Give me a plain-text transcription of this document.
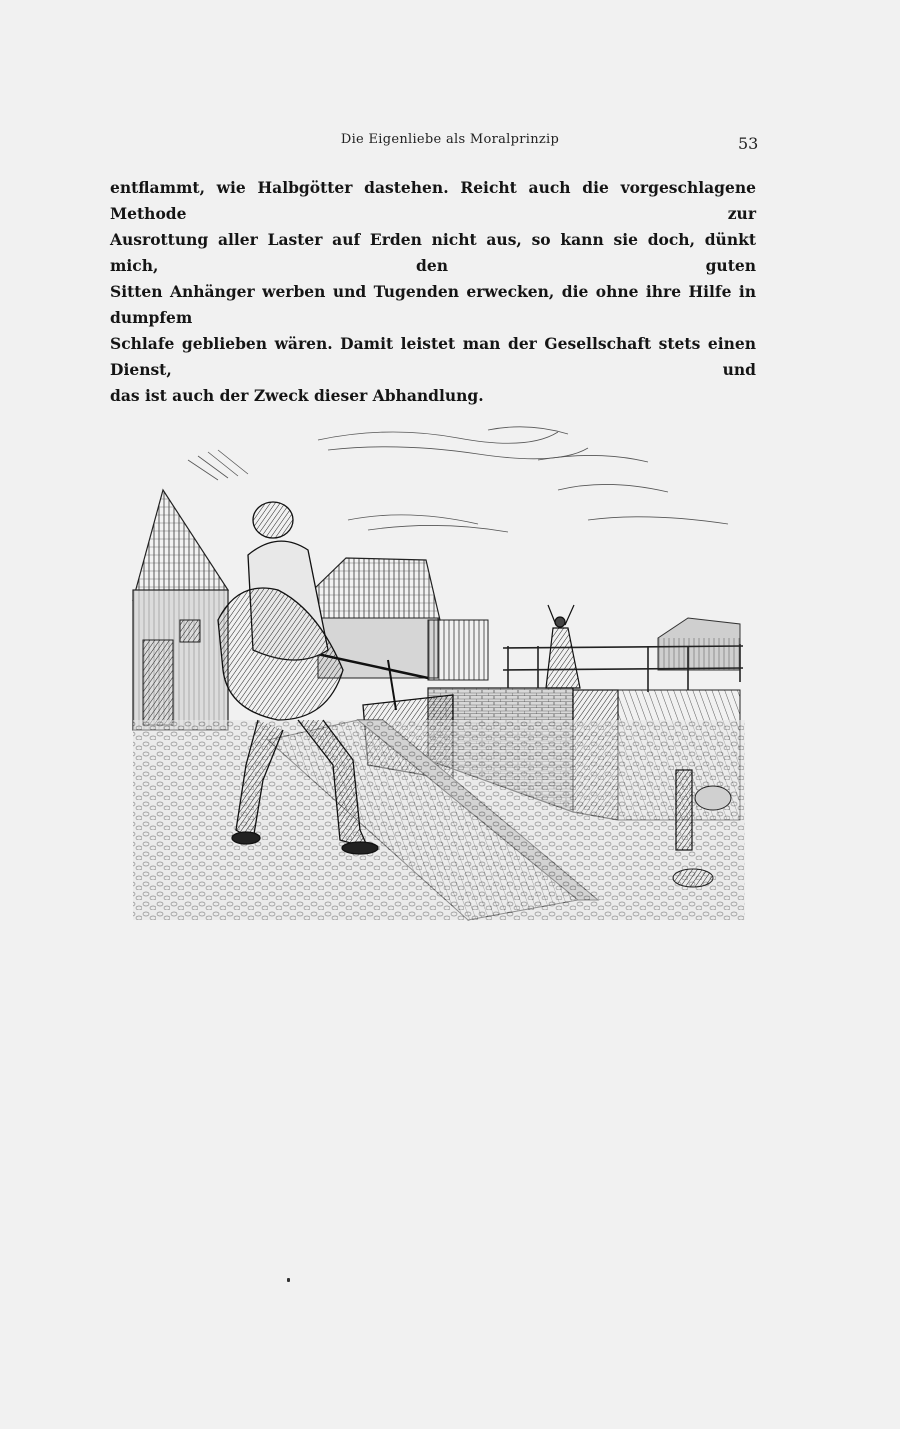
Die Eigenliebe als Moralprinzip	53
entflammt, wie Halbgötter dastehen. Reicht auch die vorgeschlagene Methode zur
Ausrottung aller Laster auf Erden nicht aus, so kann sie doch, dünkt mich, den guten
Sitten Anhänger werben und Tugenden erwecken, die ohne ihre Hilfe in dumpfem
Schlafe geblieben wären. Damit leistet man der Gesellschaft stets einen Dienst, und
das ist auch der Zweck dieser Abhandlung.
